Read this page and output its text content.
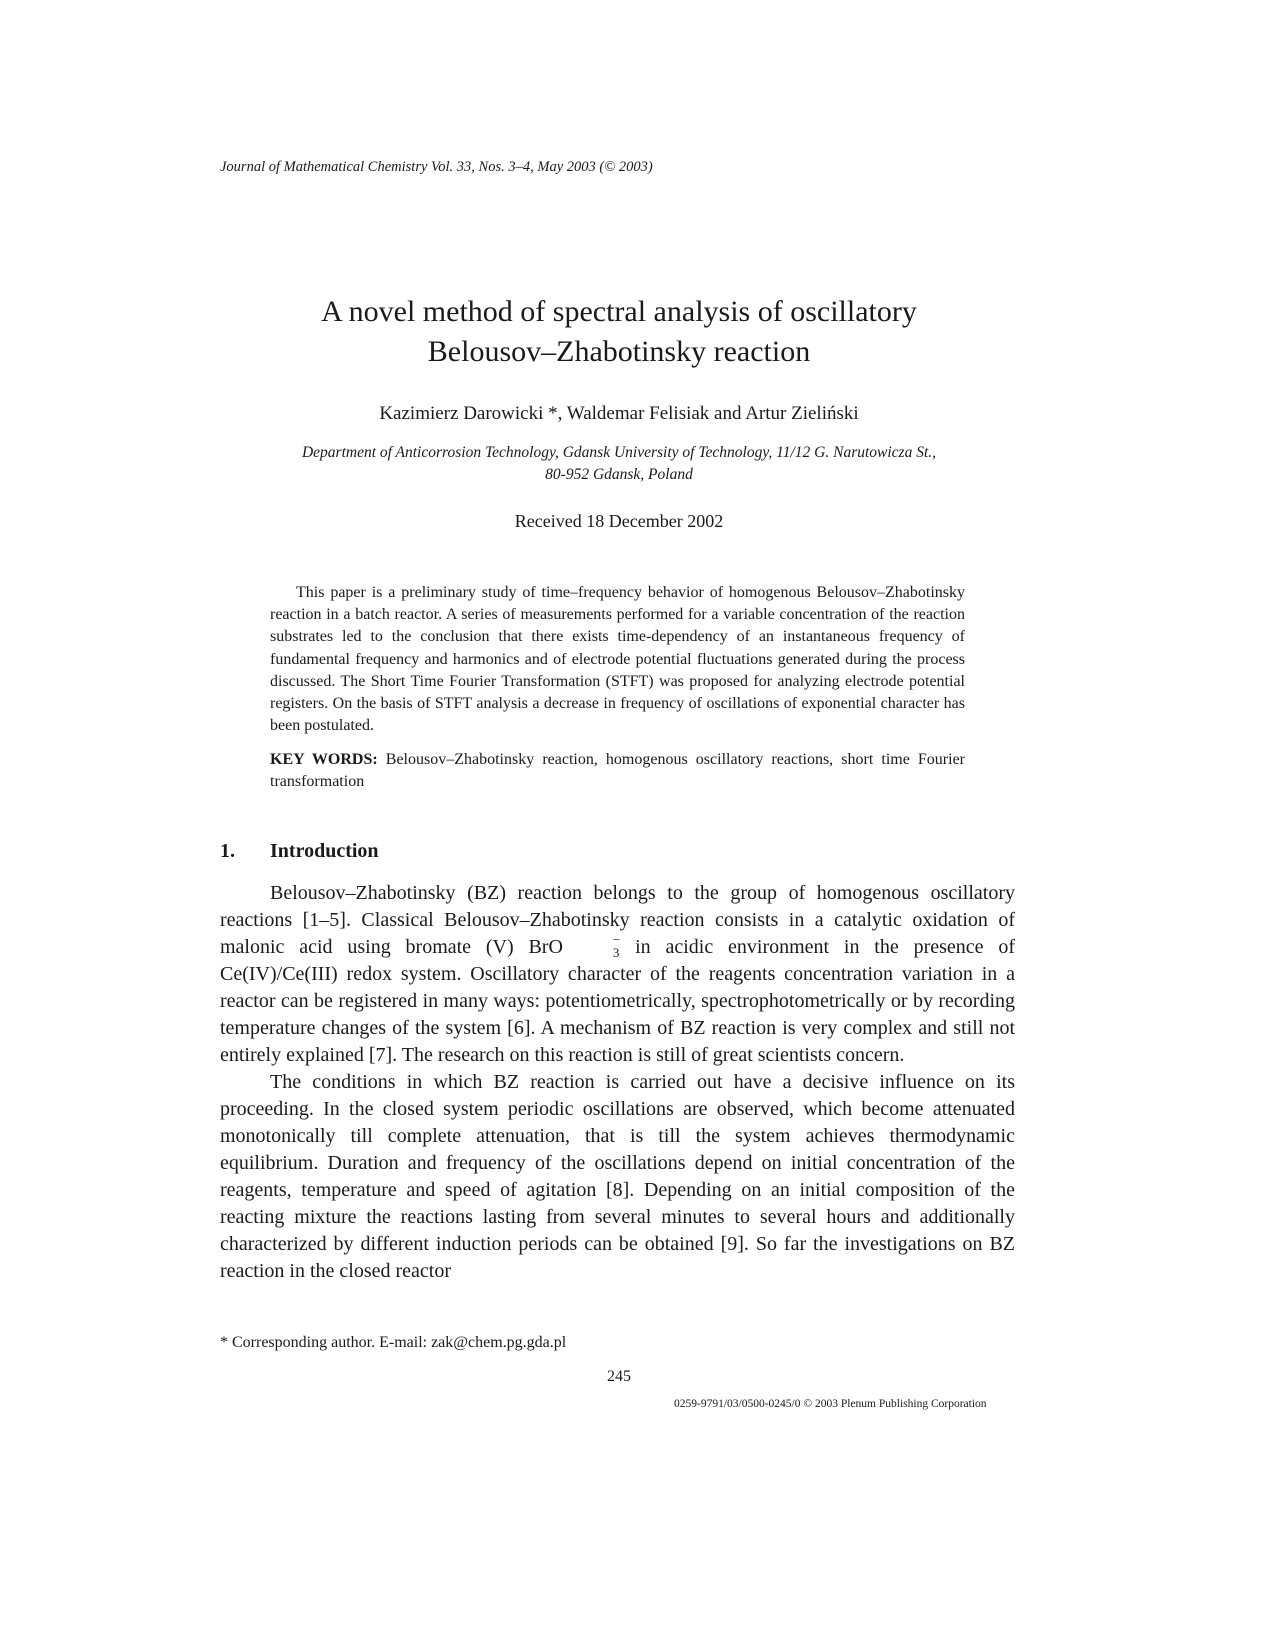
Journal of Mathematical Chemistry Vol. 33, Nos. 3–4, May 2003 (© 2003)
A novel method of spectral analysis of oscillatory
Belousov–Zhabotinsky reaction
Kazimierz Darowicki *, Waldemar Felisiak and Artur Zieliński
Department of Anticorrosion Technology, Gdansk University of Technology, 11/12 G. Narutowicza St.,
80-952 Gdansk, Poland
Received 18 December 2002

This paper is a preliminary study of time–frequency behavior of homogenous Belousov–Zhabotinsky reaction in a batch reactor. A series of measurements performed for a variable concentration of the reaction substrates led to the conclusion that there exists time-dependency of an instantaneous frequency of fundamental frequency and harmonics and of electrode potential fluctuations generated during the process discussed. The Short Time Fourier Transformation (STFT) was proposed for analyzing electrode potential registers. On the basis of STFT analysis a decrease in frequency of oscillations of exponential character has been postulated.

KEY WORDS: Belousov–Zhabotinsky reaction, homogenous oscillatory reactions, short time Fourier transformation
1. Introduction

Belousov–Zhabotinsky (BZ) reaction belongs to the group of homogenous oscillatory reactions [1–5]. Classical Belousov–Zhabotinsky reaction consists in a catalytic oxidation of malonic acid using bromate (V) BrO	−
3 in acidic environment in the presence of Ce(IV)/Ce(III) redox system. Oscillatory character of the reagents concentration variation in a reactor can be registered in many ways: potentiometrically, spectrophotometrically or by recording temperature changes of the system [6]. A mechanism of BZ reaction is very complex and still not entirely explained [7]. The research on this reaction is still of great scientists concern.

The conditions in which BZ reaction is carried out have a decisive influence on its proceeding. In the closed system periodic oscillations are observed, which become attenuated monotonically till complete attenuation, that is till the system achieves thermodynamic equilibrium. Duration and frequency of the oscillations depend on initial concentration of the reagents, temperature and speed of agitation [8]. Depending on an initial composition of the reacting mixture the reactions lasting from several minutes to several hours and additionally characterized by different induction periods can be obtained [9]. So far the investigations on BZ reaction in the closed reactor

* Corresponding author. E-mail: zak@chem.pg.gda.pl
245
0259-9791/03/0500-0245/0 © 2003 Plenum Publishing Corporation
